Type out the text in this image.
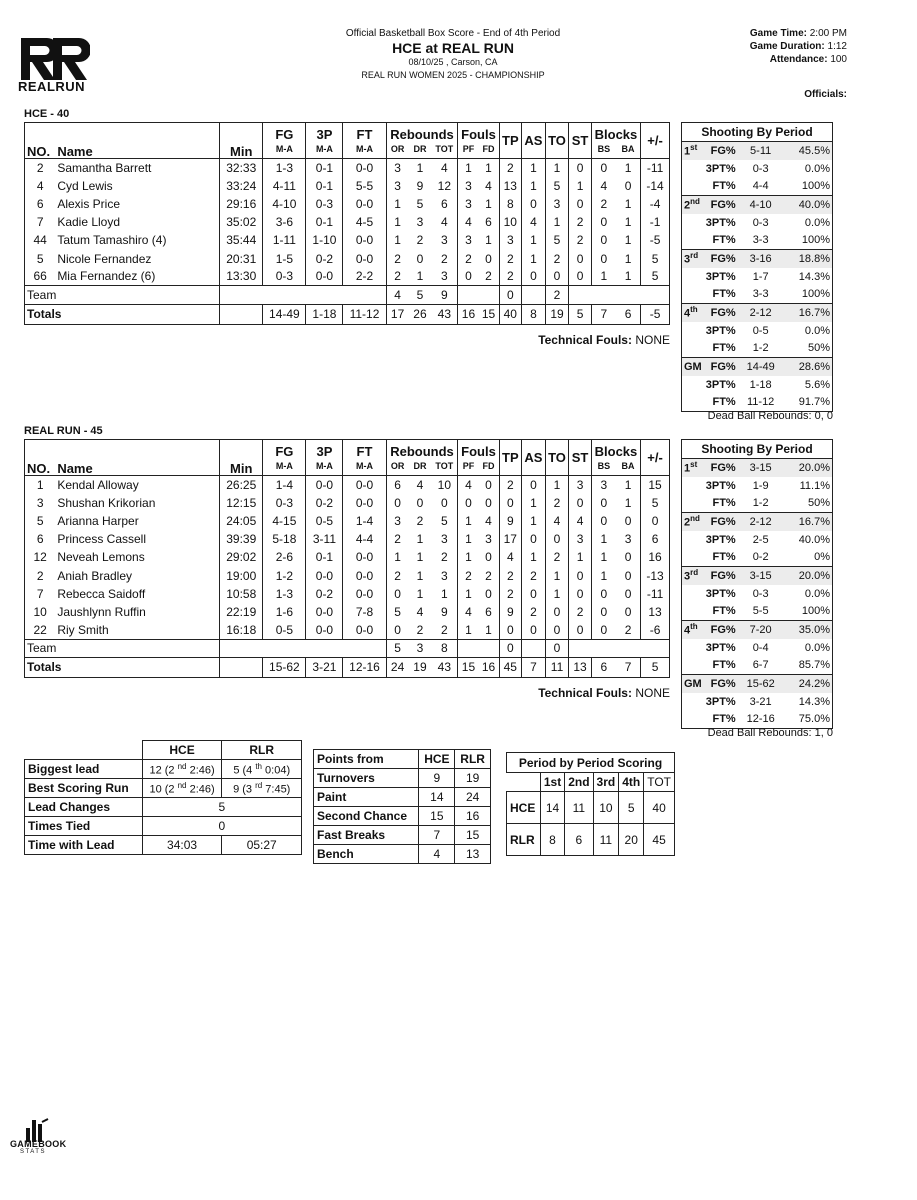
REALRUN
Official Basketball Box Score - End of 4th Period
HCE at REAL RUN
08/10/25 , Carson, CA
REAL RUN WOMEN 2025 - CHAMPIONSHIP
Game Time: 2:00 PM
Game Duration: 1:12
Attendance: 100
Officials:
HCE - 40
NO.	Name	Min	FG	3P	FT	Rebounds			Fouls		TP	AS	TO	ST	Blocks		+/-
			M-A	M-A	M-A	OR	DR	TOT	PF	FD					BS	BA	
2	Samantha Barrett	32:33	1-3	0-1	0-0	3	1	4	1	1	2	1	1	0	0	1	-11
4	Cyd Lewis	33:24	4-11	0-1	5-5	3	9	12	3	4	13	1	5	1	4	0	-14
6	Alexis Price	29:16	4-10	0-3	0-0	1	5	6	3	1	8	0	3	0	2	1	-4
7	Kadie Lloyd	35:02	3-6	0-1	4-5	1	3	4	4	6	10	4	1	2	0	1	-1
44	Tatum Tamashiro (4)	35:44	1-11	1-10	0-0	1	2	3	3	1	3	1	5	2	0	1	-5
5	Nicole Fernandez	20:31	1-5	0-2	0-0	2	0	2	2	0	2	1	2	0	0	1	5
66	Mia Fernandez (6)	13:30	0-3	0-0	2-2	2	1	3	0	2	2	0	0	0	1	1	5
Team						4	5	9			0		2				
Totals			14-49	1-18	11-12	17	26	43	16	15	40	8	19	5	7	6	-5
Technical Fouls: NONE
Shooting By Period			
1st	FG%	5-11	45.5%
	3PT%	0-3	0.0%
	FT%	4-4	100%
2nd	FG%	4-10	40.0%
	3PT%	0-3	0.0%
	FT%	3-3	100%
3rd	FG%	3-16	18.8%
	3PT%	1-7	14.3%
	FT%	3-3	100%
4th	FG%	2-12	16.7%
	3PT%	0-5	0.0%
	FT%	1-2	50%
GM	FG%	14-49	28.6%
	3PT%	1-18	5.6%
	FT%	11-12	91.7%
Dead Ball Rebounds: 0, 0
REAL RUN - 45
NO.	Name	Min	FG	3P	FT	Rebounds			Fouls		TP	AS	TO	ST	Blocks		+/-
			M-A	M-A	M-A	OR	DR	TOT	PF	FD					BS	BA	
1	Kendal Alloway	26:25	1-4	0-0	0-0	6	4	10	4	0	2	0	1	3	3	1	15
3	Shushan Krikorian	12:15	0-3	0-2	0-0	0	0	0	0	0	0	1	2	0	0	1	5
5	Arianna Harper	24:05	4-15	0-5	1-4	3	2	5	1	4	9	1	4	4	0	0	0
6	Princess Cassell	39:39	5-18	3-11	4-4	2	1	3	1	3	17	0	0	3	1	3	6
12	Neveah Lemons	29:02	2-6	0-1	0-0	1	1	2	1	0	4	1	2	1	1	0	16
2	Aniah Bradley	19:00	1-2	0-0	0-0	2	1	3	2	2	2	2	1	0	1	0	-13
7	Rebecca Saidoff	10:58	1-3	0-2	0-0	0	1	1	1	0	2	0	1	0	0	0	-11
10	Jaushlynn Ruffin	22:19	1-6	0-0	7-8	5	4	9	4	6	9	2	0	2	0	0	13
22	Riy Smith	16:18	0-5	0-0	0-0	0	2	2	1	1	0	0	0	0	0	2	-6
Team						5	3	8			0		0				
Totals			15-62	3-21	12-16	24	19	43	15	16	45	7	11	13	6	7	5
Technical Fouls: NONE
Shooting By Period			
1st	FG%	3-15	20.0%
	3PT%	1-9	11.1%
	FT%	1-2	50%
2nd	FG%	2-12	16.7%
	3PT%	2-5	40.0%
	FT%	0-2	0%
3rd	FG%	3-15	20.0%
	3PT%	0-3	0.0%
	FT%	5-5	100%
4th	FG%	7-20	35.0%
	3PT%	0-4	0.0%
	FT%	6-7	85.7%
GM	FG%	15-62	24.2%
	3PT%	3-21	14.3%
	FT%	12-16	75.0%
Dead Ball Rebounds: 1, 0
	HCE	RLR
Biggest lead	12 (2 $^{nd}$ 2:46)	5 (4 $^{th}$ 0:04)
Best Scoring Run	10 (2 $^{nd}$ 2:46)	9 (3 $^{rd}$ 7:45)
Lead Changes	5	
Times Tied	0	
Time with Lead	34:03	05:27
Points from	HCE	RLR
Turnovers	9	19
Paint	14	24
Second Chance	15	16
Fast Breaks	7	15
Bench	4	13
Period by Period Scoring					
	1st	2nd	3rd	4th	TOT
HCE	14	11	10	5	40
RLR	8	6	11	20	45
GAMEBOOK
STATS
